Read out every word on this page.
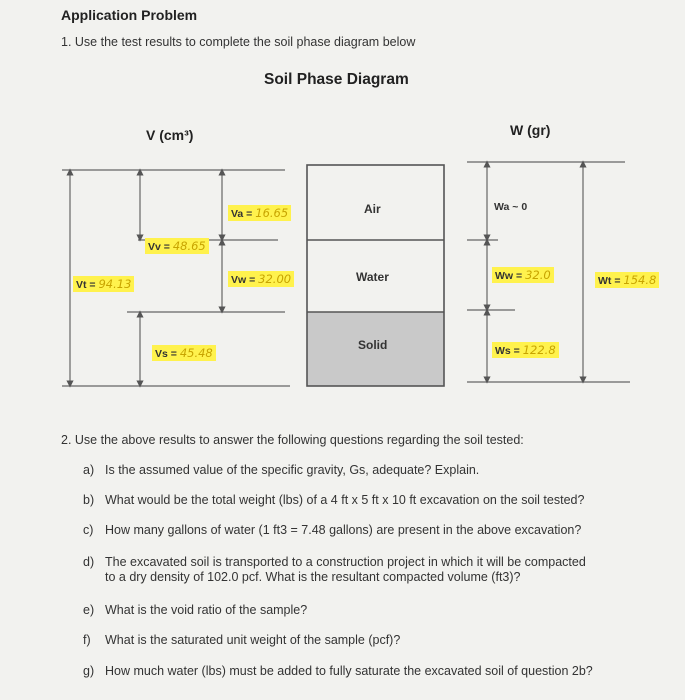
Application Problem
1. Use the test results to complete the soil phase diagram below
Soil Phase Diagram
V (cm³)	W (gr)
Air
Water
Solid
Va = 16.65
Vv = 48.65
Vt = 94.13	Vw = 32.00
Vs = 45.48
Wa ~ 0
Ww = 32.0
Ws = 122.8
Wt = 154.8
2. Use the above results to answer the following questions regarding the soil tested:
a) Is the assumed value of the specific gravity, Gs, adequate? Explain.
b) What would be the total weight (lbs) of a 4 ft x 5 ft x 10 ft excavation on the soil tested?
c) How many gallons of water (1 ft3 = 7.48 gallons) are present in the above excavation?
d) The excavated soil is transported to a construction project in which it will be compacted
to a dry density of 102.0 pcf. What is the resultant compacted volume (ft3)?
e) What is the void ratio of the sample?
f) What is the saturated unit weight of the sample (pcf)?
g) How much water (lbs) must be added to fully saturate the excavated soil of question 2b?
